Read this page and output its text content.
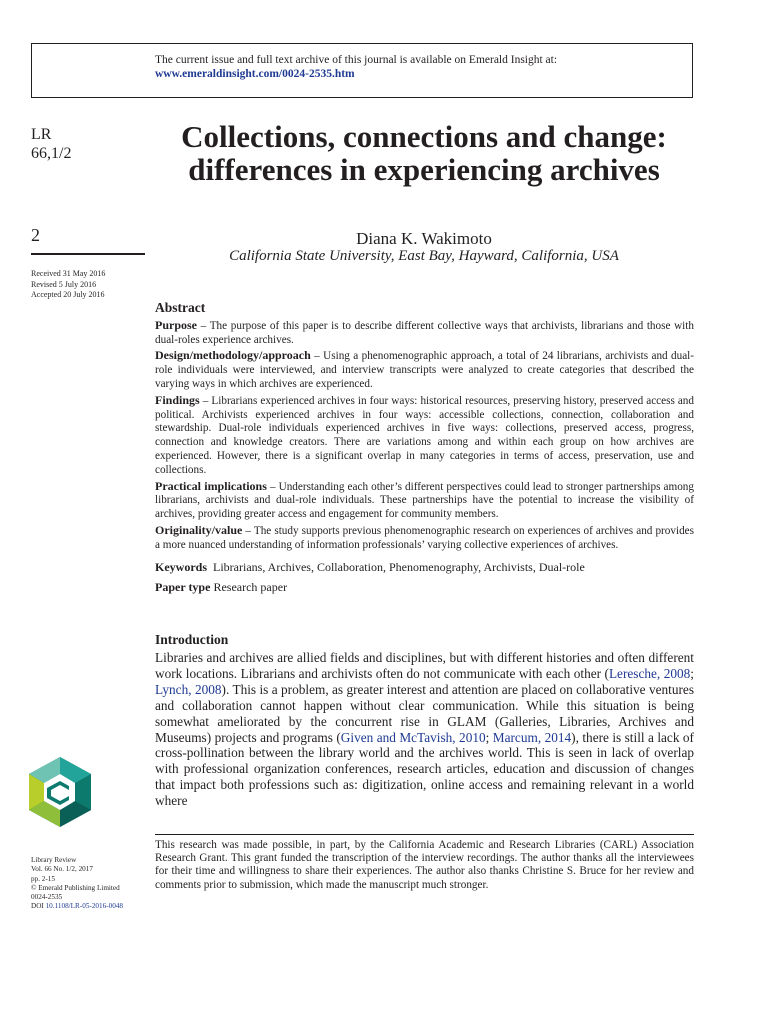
The current issue and full text archive of this journal is available on Emerald Insight at:
www.emeraldinsight.com/0024-2535.htm
LR
66,1/2
2
Received 31 May 2016
Revised 5 July 2016
Accepted 20 July 2016
Collections, connections and change: differences in experiencing archives
Diana K. Wakimoto
California State University, East Bay, Hayward, California, USA
Abstract

Purpose – The purpose of this paper is to describe different collective ways that archivists, librarians and those with dual-roles experience archives.

Design/methodology/approach – Using a phenomenographic approach, a total of 24 librarians, archivists and dual-role individuals were interviewed, and interview transcripts were analyzed to create categories that described the varying ways in which archives are experienced.

Findings – Librarians experienced archives in four ways: historical resources, preserving history, preserved access and political. Archivists experienced archives in four ways: accessible collections, connection, collaboration and stewardship. Dual-role individuals experienced archives in five ways: collections, preserved access, progress, connection and knowledge creators. There are variations among and within each group on how archives are experienced. However, there is a significant overlap in many categories in terms of access, preservation, use and collections.

Practical implications – Understanding each other’s different perspectives could lead to stronger partnerships among librarians, archivists and dual-role individuals. These partnerships have the potential to increase the visibility of archives, providing greater access and engagement for community members.

Originality/value – The study supports previous phenomenographic research on experiences of archives and provides a more nuanced understanding of information professionals’ varying collective experiences of archives.

Keywords Librarians, Archives, Collaboration, Phenomenography, Archivists, Dual-role
Paper type Research paper
Introduction

Libraries and archives are allied fields and disciplines, but with different histories and often different work locations. Librarians and archivists often do not communicate with each other (Leresche, 2008; Lynch, 2008). This is a problem, as greater interest and attention are placed on collaborative ventures and collaboration cannot happen without clear communication. While this situation is being somewhat ameliorated by the concurrent rise in GLAM (Galleries, Libraries, Archives and Museums) projects and programs (Given and McTavish, 2010; Marcum, 2014), there is still a lack of cross-pollination between the library world and the archives world. This is seen in lack of overlap with professional organization conferences, research articles, education and discussion of changes that impact both professions such as: digitization, online access and remaining relevant in a world where

This research was made possible, in part, by the California Academic and Research Libraries (CARL) Association Research Grant. This grant funded the transcription of the interview recordings. The author thanks all the interviewees for their time and willingness to share their experiences. The author also thanks Christine S. Bruce for her review and comments prior to submission, which made the manuscript much stronger.

Library Review
Vol. 66 No. 1/2, 2017
pp. 2-15
© Emerald Publishing Limited
0024-2535
DOI 10.1108/LR-05-2016-0048
